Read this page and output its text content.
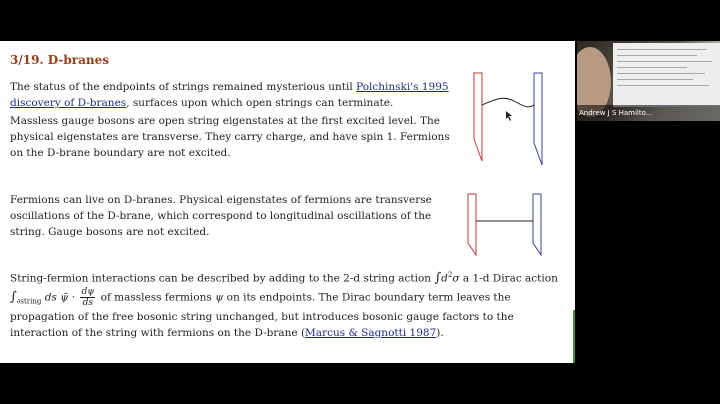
3/19. D-branes

The status of the endpoints of strings remained mysterious until Polchinski's 1995 discovery of D-branes, surfaces upon which open strings can terminate.

Massless gauge bosons are open string eigenstates at the first excited level. The physical eigenstates are transverse. They carry charge, and have spin 1. Fermions on the D-brane boundary are not excited.

Fermions can live on D-branes. Physical eigenstates of fermions are transverse oscillations of the D-brane, which correspond to longitudinal oscillations of the string. Gauge bosons are not excited.

String-fermion interactions can be described by adding to the 2-d string action $\int d^2\sigma$ a 1-d Dirac action
$\int_{\partial string}$ ds ψ̄ · $\frac{d\psi}{ds}$ of massless fermions ψ on its endpoints. The Dirac boundary term leaves the propagation of the free bosonic string unchanged, but introduces bosonic gauge factors to the interaction of the string with fermions on the D-brane (Marcus & Sagnotti 1987).

Andrew J S Hamilto...
